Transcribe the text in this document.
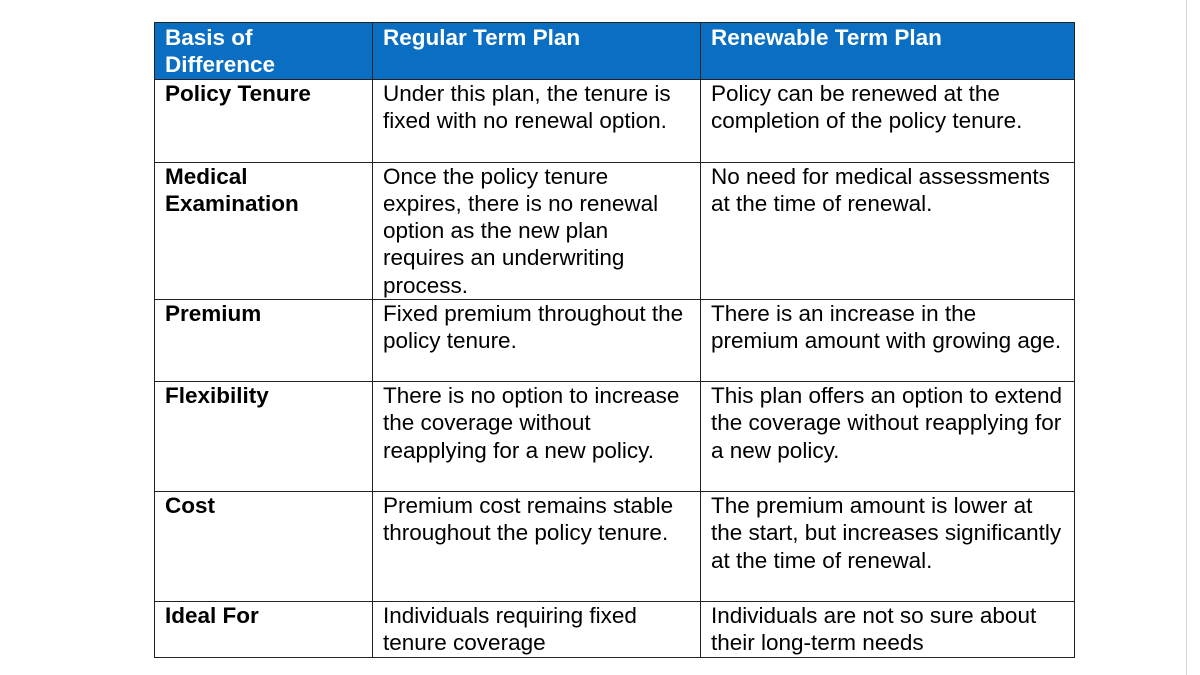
Basis of Difference	Regular Term Plan	Renewable Term Plan
Policy Tenure	Under this plan, the tenure is fixed with no renewal option.	Policy can be renewed at the completion of the policy tenure.
Medical Examination	Once the policy tenure expires, there is no renewal option as the new plan requires an underwriting process.	No need for medical assessments at the time of renewal.
Premium	Fixed premium throughout the policy tenure.	There is an increase in the premium amount with growing age.
Flexibility	There is no option to increase the coverage without reapplying for a new policy.	This plan offers an option to extend the coverage without reapplying for a new policy.
Cost	Premium cost remains stable throughout the policy tenure.	The premium amount is lower at the start, but increases significantly at the time of renewal.
Ideal For	Individuals requiring fixed tenure coverage	Individuals are not so sure about their long-term needs
